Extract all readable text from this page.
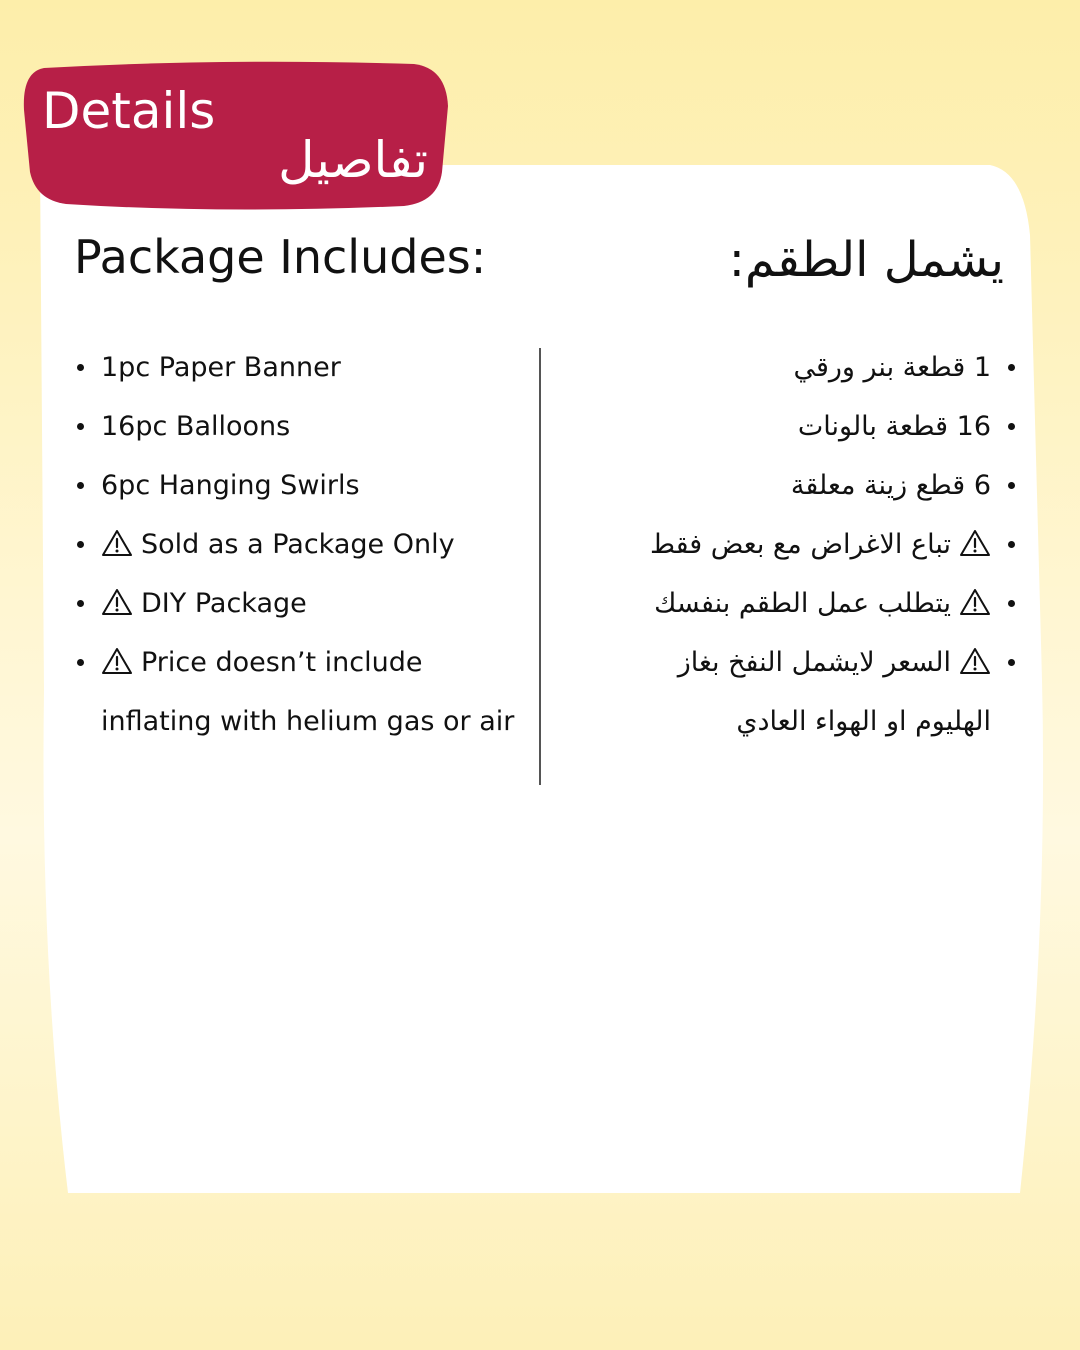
Details
تفاصيل
Package Includes:	يشمل الطقم:
1pc Paper Banner
16pc Balloons
6pc Hanging Swirls
Sold as a Package Only
DIY Package
Price doesn’t include
inflating with helium gas or air
1 قطعة بنر ورقي
16 قطعة بالونات
6 قطع زينة معلقة
تباع الاغراض مع بعض فقط
يتطلب عمل الطقم بنفسك
السعر لايشمل النفخ بغاز
الهليوم او الهواء العادي
